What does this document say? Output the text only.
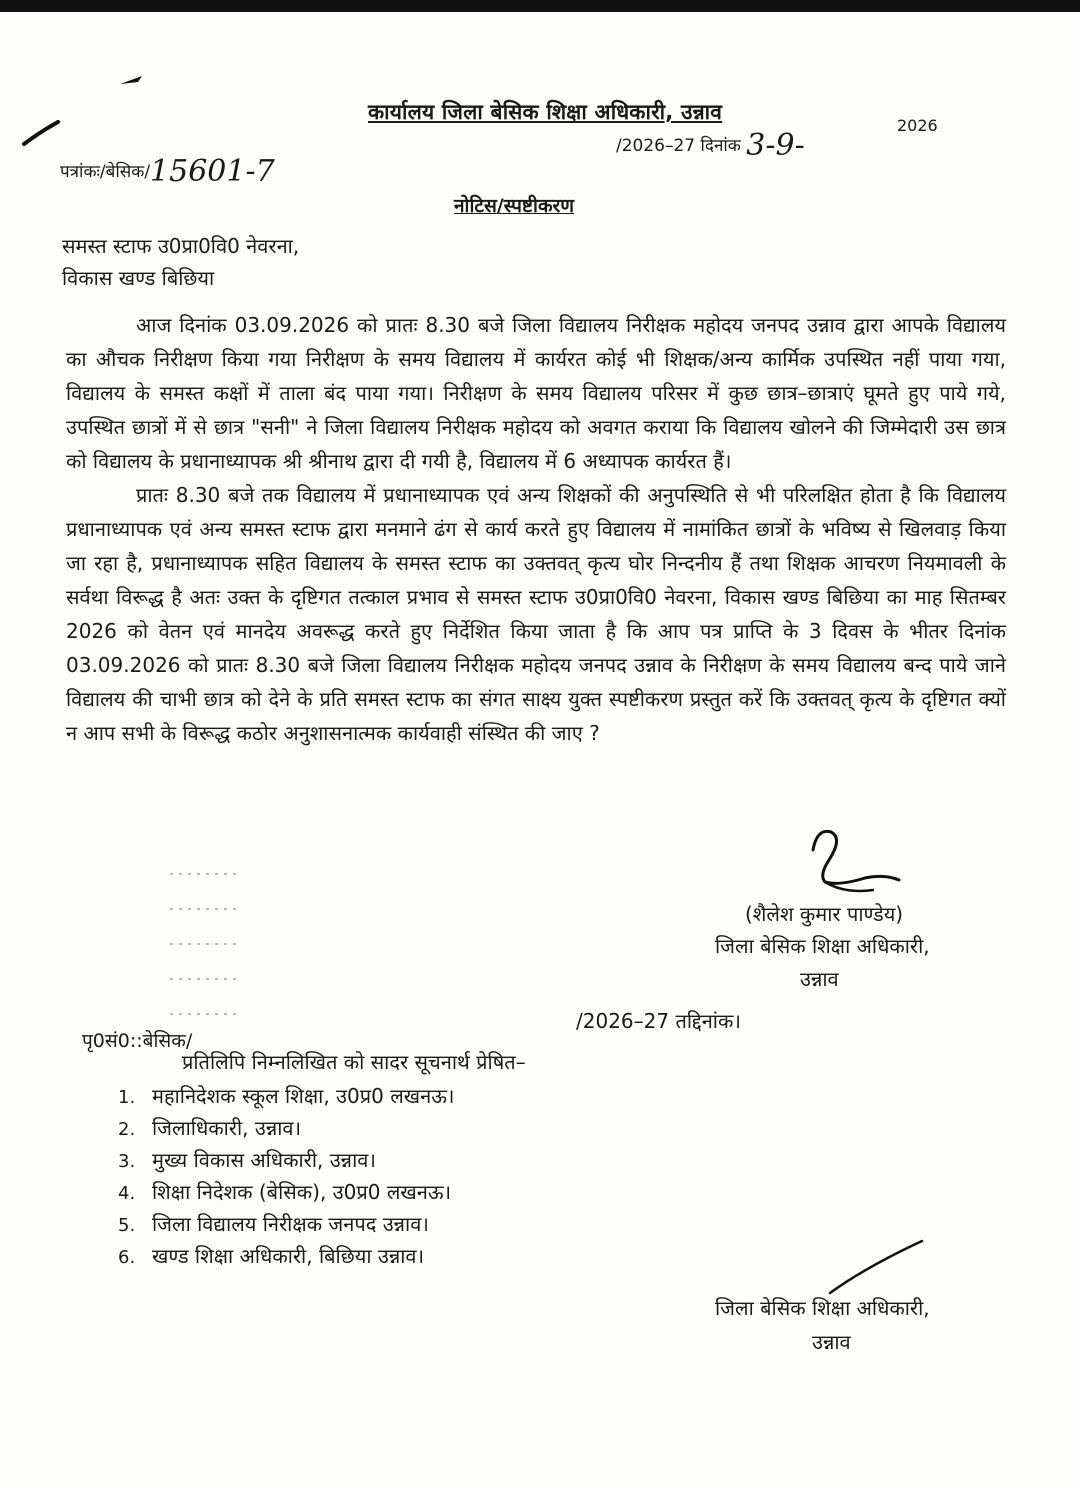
कार्यालय जिला बेसिक शिक्षा अधिकारी, उन्नाव
/2026–27 दिनांक 3-9-
2026
पत्रांकः/बेसिक/15601-7
नोटिस/स्पष्टीकरण
समस्त स्टाफ उ0प्रा0वि0 नेवरना,
विकास खण्ड बिछिया

आज दिनांक 03.09.2026 को प्रातः 8.30 बजे जिला विद्यालय निरीक्षक महोदय जनपद उन्नाव द्वारा आपके विद्यालय का औचक निरीक्षण किया गया निरीक्षण के समय विद्यालय में कार्यरत कोई भी शिक्षक/अन्य कार्मिक उपस्थित नहीं पाया गया, विद्यालय के समस्त कक्षों में ताला बंद पाया गया। निरीक्षण के समय विद्यालय परिसर में कुछ छात्र–छात्राएं घूमते हुए पाये गये, उपस्थित छात्रों में से छात्र "सनी" ने जिला विद्यालय निरीक्षक महोदय को अवगत कराया कि विद्यालय खोलने की जिम्मेदारी उस छात्र को विद्यालय के प्रधानाध्यापक श्री श्रीनाथ द्वारा दी गयी है, विद्यालय में 6 अध्यापक कार्यरत हैं।

प्रातः 8.30 बजे तक विद्यालय में प्रधानाध्यापक एवं अन्य शिक्षकों की अनुपस्थिति से भी परिलक्षित होता है कि विद्यालय प्रधानाध्यापक एवं अन्य समस्त स्टाफ द्वारा मनमाने ढंग से कार्य करते हुए विद्यालय में नामांकित छात्रों के भविष्य से खिलवाड़ किया जा रहा है, प्रधानाध्यापक सहित विद्यालय के समस्त स्टाफ का उक्तवत् कृत्य घोर निन्दनीय हैं तथा शिक्षक आचरण नियमावली के सर्वथा विरूद्ध है अतः उक्त के दृष्टिगत तत्काल प्रभाव से समस्त स्टाफ उ0प्रा0वि0 नेवरना, विकास खण्ड बिछिया का माह सितम्बर 2026 को वेतन एवं मानदेय अवरूद्ध करते हुए निर्देशित किया जाता है कि आप पत्र प्राप्ति के 3 दिवस के भीतर दिनांक 03.09.2026 को प्रातः 8.30 बजे जिला विद्यालय निरीक्षक महोदय जनपद उन्नाव के निरीक्षण के समय विद्यालय बन्द पाये जाने विद्यालय की चाभी छात्र को देने के प्रति समस्त स्टाफ का संगत साक्ष्य युक्त स्पष्टीकरण प्रस्तुत करें कि उक्तवत् कृत्य के दृष्टिगत क्यों न आप सभी के विरूद्ध कठोर अनुशासनात्मक कार्यवाही संस्थित की जाए ?

(शैलेश कुमार पाण्डेय)
जिला बेसिक शिक्षा अधिकारी,
उन्नाव
/2026–27 तद्दिनांक।
पृ0सं0::बेसिक/
प्रतिलिपि निम्नलिखित को सादर सूचनार्थ प्रेषित–
1. महानिदेशक स्कूल शिक्षा, उ0प्र0 लखनऊ।
2. जिलाधिकारी, उन्नाव।
3. मुख्य विकास अधिकारी, उन्नाव।
4. शिक्षा निदेशक (बेसिक), उ0प्र0 लखनऊ।
5. जिला विद्यालय निरीक्षक जनपद उन्नाव।
6. खण्ड शिक्षा अधिकारी, बिछिया उन्नाव।
जिला बेसिक शिक्षा अधिकारी,
उन्नाव
